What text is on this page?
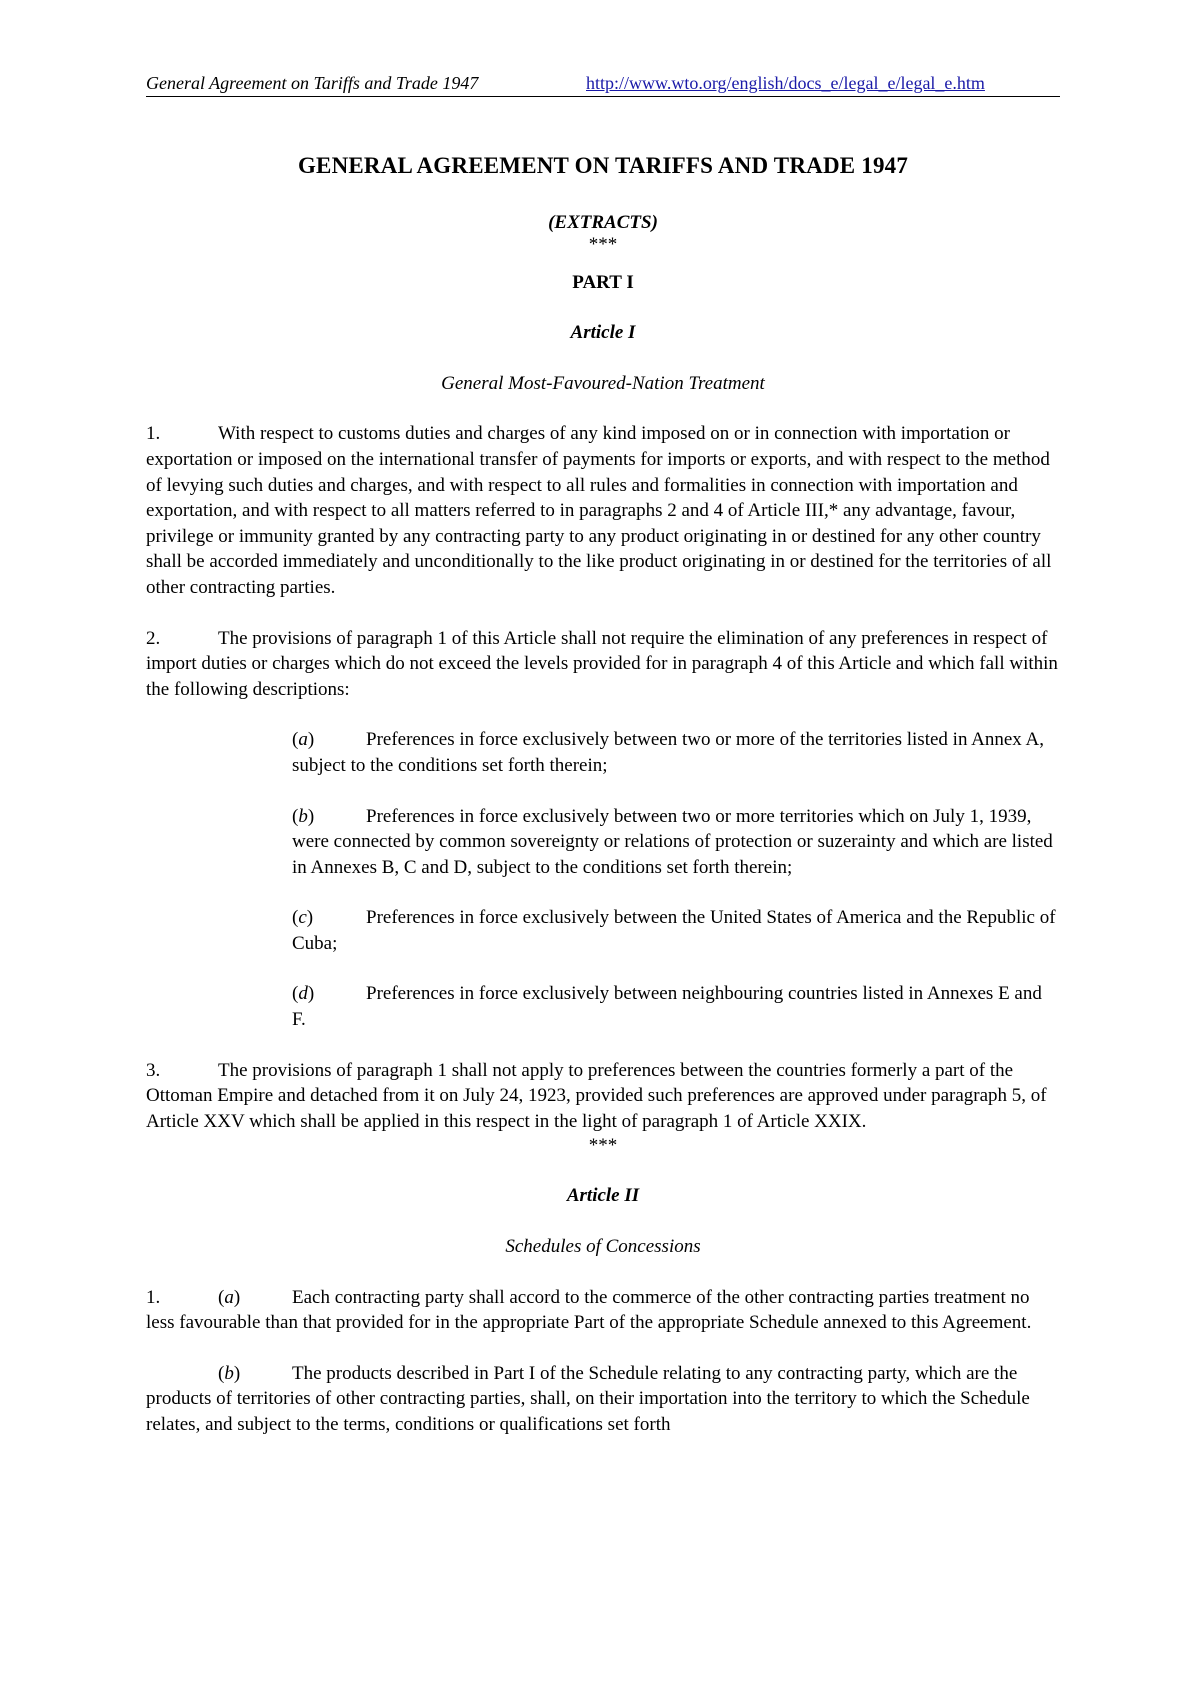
General Agreement on Tariffs and Trade 1947	http://www.wto.org/english/docs_e/legal_e/legal_e.htm

GENERAL AGREEMENT ON TARIFFS AND TRADE 1947

(EXTRACTS)

***

PART I

Article I

General Most-Favoured-Nation Treatment

1.	With respect to customs duties and charges of any kind imposed on or in connection with importation or exportation or imposed on the international transfer of payments for imports or exports, and with respect to the method of levying such duties and charges, and with respect to all rules and formalities in connection with importation and exportation, and with respect to all matters referred to in paragraphs 2 and 4 of Article III,* any advantage, favour, privilege or immunity granted by any contracting party to any product originating in or destined for any other country shall be accorded immediately and unconditionally to the like product originating in or destined for the territories of all other contracting parties.

2.	The provisions of paragraph 1 of this Article shall not require the elimination of any preferences in respect of import duties or charges which do not exceed the levels provided for in paragraph 4 of this Article and which fall within the following descriptions:

(a)	Preferences in force exclusively between two or more of the territories listed in Annex A, subject to the conditions set forth therein;

(b)	Preferences in force exclusively between two or more territories which on July 1, 1939, were connected by common sovereignty or relations of protection or suzerainty and which are listed in Annexes B, C and D, subject to the conditions set forth therein;

(c)	Preferences in force exclusively between the United States of America and the Republic of Cuba;

(d)	Preferences in force exclusively between neighbouring countries listed in Annexes E and F.

3.	The provisions of paragraph 1 shall not apply to preferences between the countries formerly a part of the Ottoman Empire and detached from it on July 24, 1923, provided such preferences are approved under paragraph 5, of Article XXV which shall be applied in this respect in the light of paragraph 1 of Article XXIX.

***

Article II

Schedules of Concessions

1.	(a)	Each contracting party shall accord to the commerce of the other contracting parties treatment no less favourable than that provided for in the appropriate Part of the appropriate Schedule annexed to this Agreement.

(b)	The products described in Part I of the Schedule relating to any contracting party, which are the products of territories of other contracting parties, shall, on their importation into the territory to which the Schedule relates, and subject to the terms, conditions or qualifications set forth
